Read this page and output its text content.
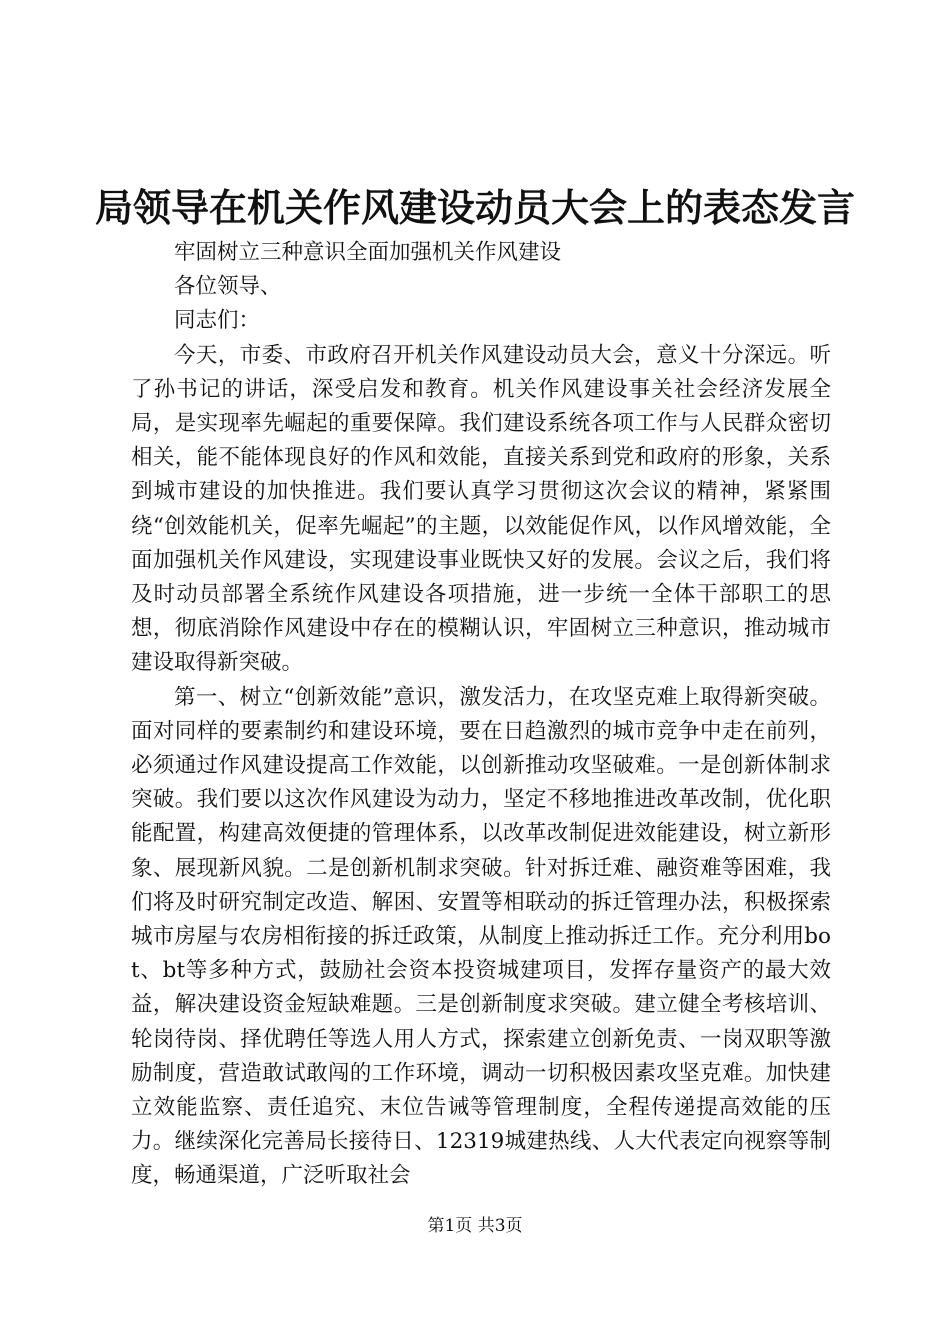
局领导在机关作风建设动员大会上的表态发言

牢固树立三种意识全面加强机关作风建设

各位领导、

同志们：

今天，市委、市政府召开机关作风建设动员大会，意义十分深远。听了孙书记的讲话，深受启发和教育。机关作风建设事关社会经济发展全局，是实现率先崛起的重要保障。我们建设系统各项工作与人民群众密切相关，能不能体现良好的作风和效能，直接关系到党和政府的形象，关系到城市建设的加快推进。我们要认真学习贯彻这次会议的精神，紧紧围绕“创效能机关，促率先崛起”的主题，以效能促作风，以作风增效能，全面加强机关作风建设，实现建设事业既快又好的发展。会议之后，我们将及时动员部署全系统作风建设各项措施，进一步统一全体干部职工的思想，彻底消除作风建设中存在的模糊认识，牢固树立三种意识，推动城市建设取得新突破。

第一、树立“创新效能”意识，激发活力，在攻坚克难上取得新突破。面对同样的要素制约和建设环境，要在日趋激烈的城市竞争中走在前列，必须通过作风建设提高工作效能，以创新推动攻坚破难。一是创新体制求突破。我们要以这次作风建设为动力，坚定不移地推进改革改制，优化职能配置，构建高效便捷的管理体系，以改革改制促进效能建设，树立新形象、展现新风貌。二是创新机制求突破。针对拆迁难、融资难等困难，我们将及时研究制定改造、解困、安置等相联动的拆迁管理办法，积极探索城市房屋与农房相衔接的拆迁政策，从制度上推动拆迁工作。充分利用bot、bt等多种方式，鼓励社会资本投资城建项目，发挥存量资产的最大效益，解决建设资金短缺难题。三是创新制度求突破。建立健全考核培训、轮岗待岗、择优聘任等选人用人方式，探索建立创新免责、一岗双职等激励制度，营造敢试敢闯的工作环境，调动一切积极因素攻坚克难。加快建立效能监察、责任追究、末位告诫等管理制度，全程传递提高效能的压力。继续深化完善局长接待日、12319城建热线、人大代表定向视察等制度，畅通渠道，广泛听取社会

第1页 共3页
